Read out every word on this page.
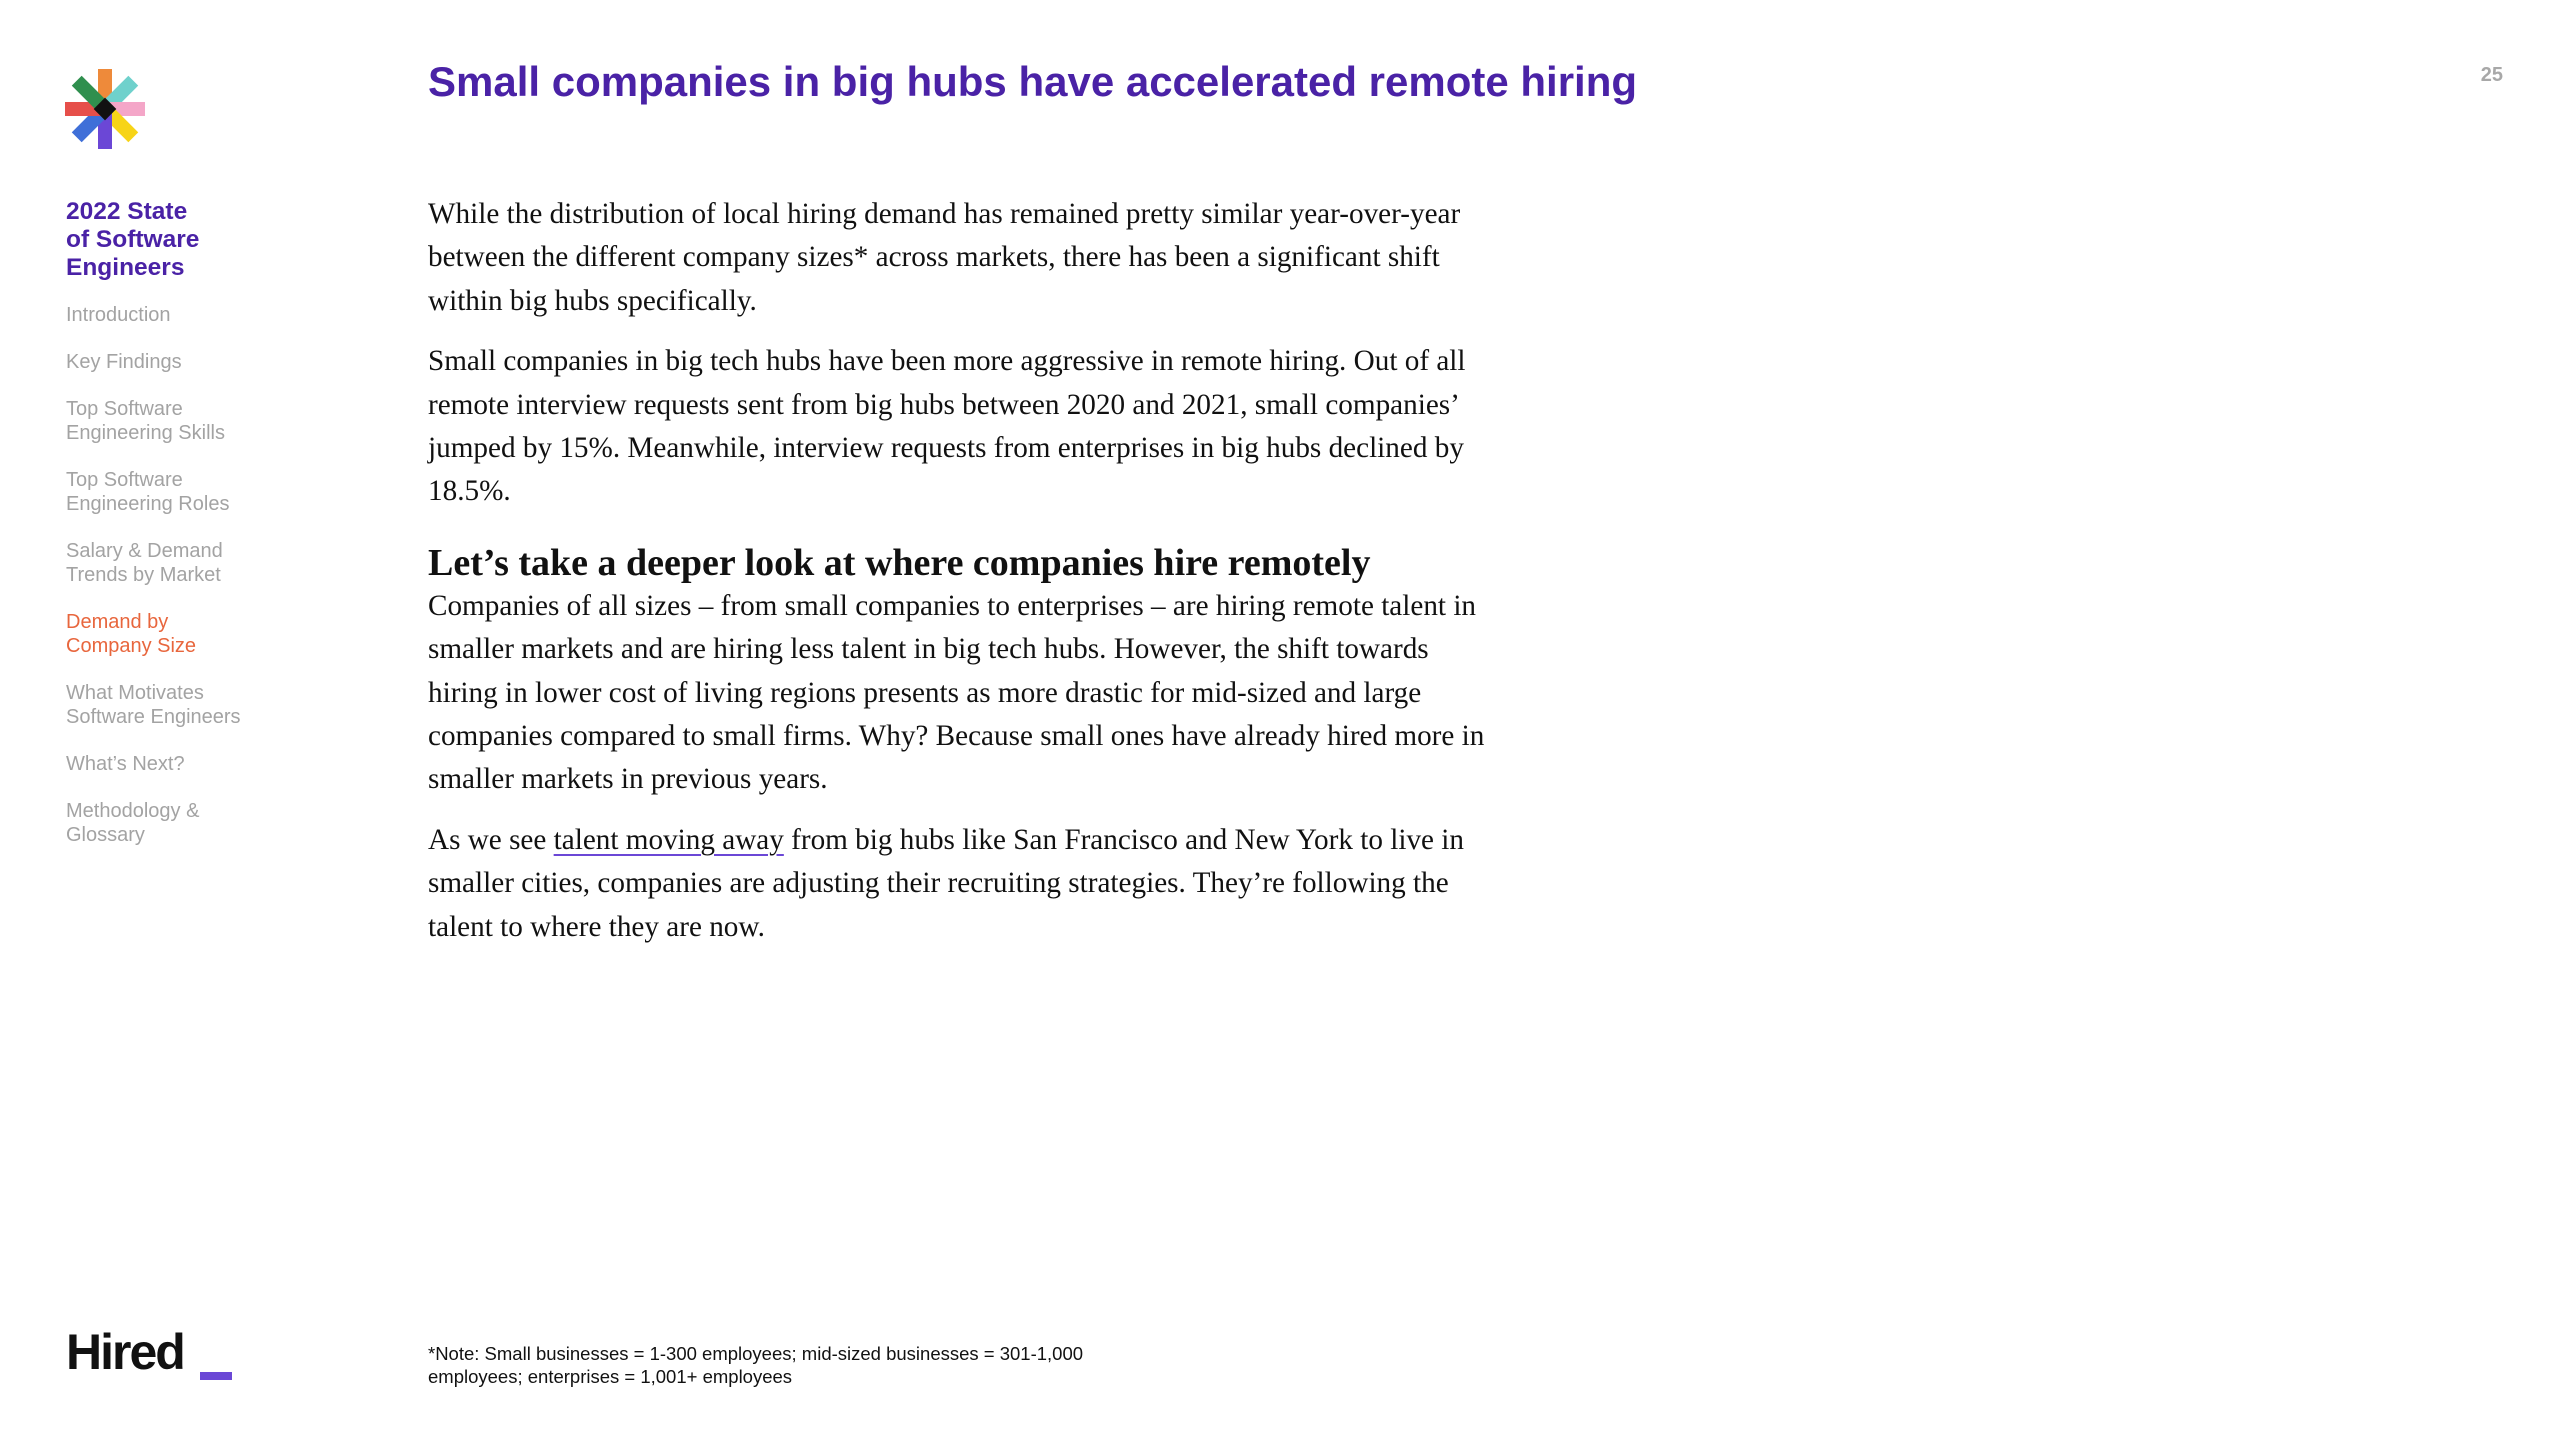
2022 State
of Software
Engineers
Introduction
Key Findings
Top Software
Engineering Skills
Top Software
Engineering Roles
Salary & Demand
Trends by Market
Demand by
Company Size
What Motivates
Software Engineers
What’s Next?
Methodology &
Glossary
Small companies in big hubs have accelerated remote hiring	25

While the distribution of local hiring demand has remained pretty similar year-over-year between the different company sizes* across markets, there has been a significant shift within big hubs specifically.

Small companies in big tech hubs have been more aggressive in remote hiring. Out of all remote interview requests sent from big hubs between 2020 and 2021, small companies’ jumped by 15%. Meanwhile, interview requests from enterprises in big hubs declined by 18.5%.

Let’s take a deeper look at where companies hire remotely

Companies of all sizes – from small companies to enterprises – are hiring remote talent in smaller markets and are hiring less talent in big tech hubs. However, the shift towards hiring in lower cost of living regions presents as more drastic for mid-sized and large companies compared to small firms. Why? Because small ones have already hired more in smaller markets in previous years.

As we see talent moving away from big hubs like San Francisco and New York to live in smaller cities, companies are adjusting their recruiting strategies. They’re following the talent to where they are now.

Hired	*Note: Small businesses = 1-300 employees; mid-sized businesses = 301-1,000 employees; enterprises = 1,001+ employees
